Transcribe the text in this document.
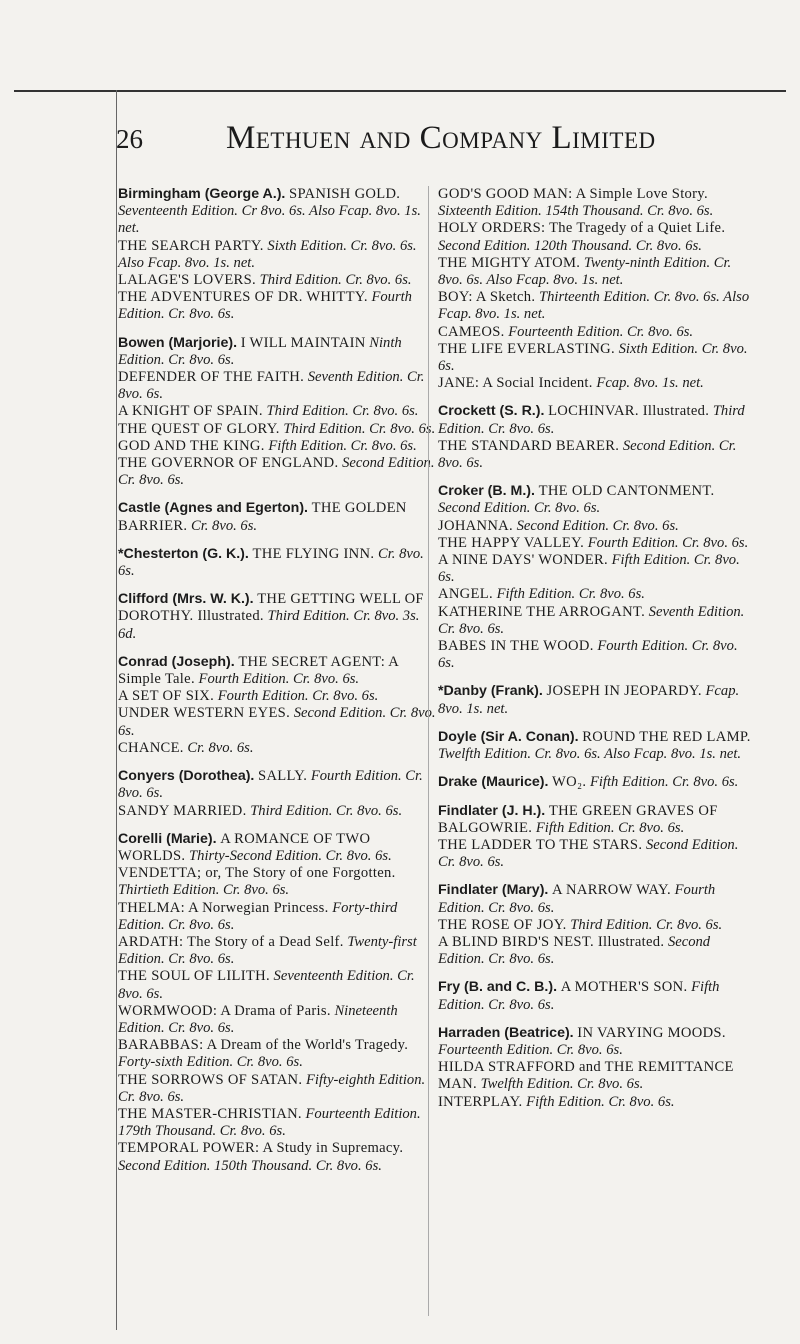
26	Methuen and Company Limited
Birmingham (George A.). SPANISH GOLD. Seventeenth Edition. Cr 8vo. 6s. Also Fcap. 8vo. 1s. net.
THE SEARCH PARTY. Sixth Edition. Cr. 8vo. 6s. Also Fcap. 8vo. 1s. net.
LALAGE'S LOVERS. Third Edition. Cr. 8vo. 6s.
THE ADVENTURES OF DR. WHITTY. Fourth Edition. Cr. 8vo. 6s.
Bowen (Marjorie). I WILL MAINTAIN Ninth Edition. Cr. 8vo. 6s.
DEFENDER OF THE FAITH. Seventh Edition. Cr. 8vo. 6s.
A KNIGHT OF SPAIN. Third Edition. Cr. 8vo. 6s.
THE QUEST OF GLORY. Third Edition. Cr. 8vo. 6s.
GOD AND THE KING. Fifth Edition. Cr. 8vo. 6s.
THE GOVERNOR OF ENGLAND. Second Edition. Cr. 8vo. 6s.
Castle (Agnes and Egerton). THE GOLDEN BARRIER. Cr. 8vo. 6s.
*Chesterton (G. K.). THE FLYING INN. Cr. 8vo. 6s.
Clifford (Mrs. W. K.). THE GETTING WELL OF DOROTHY. Illustrated. Third Edition. Cr. 8vo. 3s. 6d.
Conrad (Joseph). THE SECRET AGENT: A Simple Tale. Fourth Edition. Cr. 8vo. 6s.
A SET OF SIX. Fourth Edition. Cr. 8vo. 6s.
UNDER WESTERN EYES. Second Edition. Cr. 8vo. 6s.
CHANCE. Cr. 8vo. 6s.
Conyers (Dorothea). SALLY. Fourth Edition. Cr. 8vo. 6s.
SANDY MARRIED. Third Edition. Cr. 8vo. 6s.
Corelli (Marie). A ROMANCE OF TWO WORLDS. Thirty-Second Edition. Cr. 8vo. 6s.
VENDETTA; or, The Story of one Forgotten. Thirtieth Edition. Cr. 8vo. 6s.
THELMA: A Norwegian Princess. Forty-third Edition. Cr. 8vo. 6s.
ARDATH: The Story of a Dead Self. Twenty-first Edition. Cr. 8vo. 6s.
THE SOUL OF LILITH. Seventeenth Edition. Cr. 8vo. 6s.
WORMWOOD: A Drama of Paris. Nineteenth Edition. Cr. 8vo. 6s.
BARABBAS: A Dream of the World's Tragedy. Forty-sixth Edition. Cr. 8vo. 6s.
THE SORROWS OF SATAN. Fifty-eighth Edition. Cr. 8vo. 6s.
THE MASTER-CHRISTIAN. Fourteenth Edition. 179th Thousand. Cr. 8vo. 6s.
TEMPORAL POWER: A Study in Supremacy. Second Edition. 150th Thousand. Cr. 8vo. 6s.
GOD'S GOOD MAN: A Simple Love Story. Sixteenth Edition. 154th Thousand. Cr. 8vo. 6s.
HOLY ORDERS: The Tragedy of a Quiet Life. Second Edition. 120th Thousand. Cr. 8vo. 6s.
THE MIGHTY ATOM. Twenty-ninth Edition. Cr. 8vo. 6s. Also Fcap. 8vo. 1s. net.
BOY: A Sketch. Thirteenth Edition. Cr. 8vo. 6s. Also Fcap. 8vo. 1s. net.
CAMEOS. Fourteenth Edition. Cr. 8vo. 6s.
THE LIFE EVERLASTING. Sixth Edition. Cr. 8vo. 6s.
JANE: A Social Incident. Fcap. 8vo. 1s. net.
Crockett (S. R.). LOCHINVAR. Illustrated. Third Edition. Cr. 8vo. 6s.
THE STANDARD BEARER. Second Edition. Cr. 8vo. 6s.
Croker (B. M.). THE OLD CANTONMENT. Second Edition. Cr. 8vo. 6s.
JOHANNA. Second Edition. Cr. 8vo. 6s.
THE HAPPY VALLEY. Fourth Edition. Cr. 8vo. 6s.
A NINE DAYS' WONDER. Fifth Edition. Cr. 8vo. 6s.
ANGEL. Fifth Edition. Cr. 8vo. 6s.
KATHERINE THE ARROGANT. Seventh Edition. Cr. 8vo. 6s.
BABES IN THE WOOD. Fourth Edition. Cr. 8vo. 6s.
*Danby (Frank). JOSEPH IN JEOPARDY. Fcap. 8vo. 1s. net.
Doyle (Sir A. Conan). ROUND THE RED LAMP. Twelfth Edition. Cr. 8vo. 6s. Also Fcap. 8vo. 1s. net.
Drake (Maurice). WO₂. Fifth Edition. Cr. 8vo. 6s.
Findlater (J. H.). THE GREEN GRAVES OF BALGOWRIE. Fifth Edition. Cr. 8vo. 6s.
THE LADDER TO THE STARS. Second Edition. Cr. 8vo. 6s.
Findlater (Mary). A NARROW WAY. Fourth Edition. Cr. 8vo. 6s.
THE ROSE OF JOY. Third Edition. Cr. 8vo. 6s.
A BLIND BIRD'S NEST. Illustrated. Second Edition. Cr. 8vo. 6s.
Fry (B. and C. B.). A MOTHER'S SON. Fifth Edition. Cr. 8vo. 6s.
Harraden (Beatrice). IN VARYING MOODS. Fourteenth Edition. Cr. 8vo. 6s.
HILDA STRAFFORD and THE REMITTANCE MAN. Twelfth Edition. Cr. 8vo. 6s.
INTERPLAY. Fifth Edition. Cr. 8vo. 6s.
